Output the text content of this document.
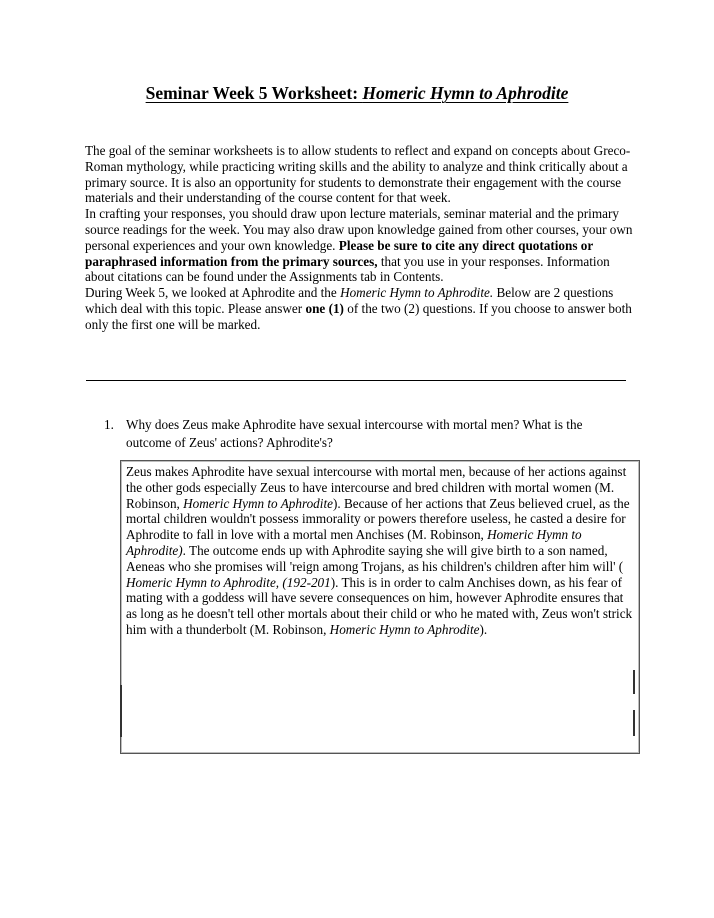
Seminar Week 5 Worksheet: Homeric Hymn to Aphrodite

The goal of the seminar worksheets is to allow students to reflect and expand on concepts about Greco-Roman mythology, while practicing writing skills and the ability to analyze and think critically about a primary source. It is also an opportunity for students to demonstrate their engagement with the course materials and their understanding of the course content for that week.

In crafting your responses, you should draw upon lecture materials, seminar material and the primary source readings for the week. You may also draw upon knowledge gained from other courses, your own personal experiences and your own knowledge. Please be sure to cite any direct quotations or paraphrased information from the primary sources, that you use in your responses. Information about citations can be found under the Assignments tab in Contents.

During Week 5, we looked at Aphrodite and the Homeric Hymn to Aphrodite. Below are 2 questions which deal with this topic. Please answer one (1) of the two (2) questions. If you choose to answer both only the first one will be marked.

1. Why does Zeus make Aphrodite have sexual intercourse with mortal men? What is the outcome of Zeus' actions? Aphrodite's?

Zeus makes Aphrodite have sexual intercourse with mortal men, because of her actions against the other gods especially Zeus to have intercourse and bred children with mortal women (M. Robinson, Homeric Hymn to Aphrodite). Because of her actions that Zeus believed cruel, as the mortal children wouldn't possess immorality or powers therefore useless, he casted a desire for Aphrodite to fall in love with a mortal men Anchises (M. Robinson, Homeric Hymn to Aphrodite). The outcome ends up with Aphrodite saying she will give birth to a son named, Aeneas who she promises will 'reign among Trojans, as his children's children after him will' ( Homeric Hymn to Aphrodite, (192-201). This is in order to calm Anchises down, as his fear of mating with a goddess will have severe consequences on him, however Aphrodite ensures that as long as he doesn't tell other mortals about their child or who he mated with, Zeus won't strick him with a thunderbolt (M. Robinson, Homeric Hymn to Aphrodite).
